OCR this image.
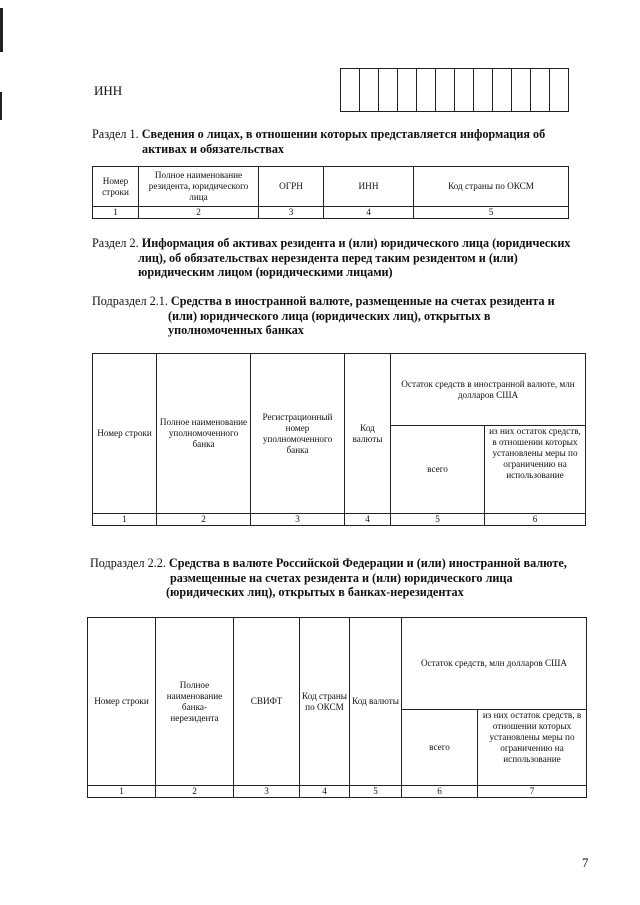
ИНН
Раздел 1. Сведения о лицах, в отношении которых представляется информация об
активах и обязательствах
Номер строки	Полное наименование резидента, юридического лица	ОГРН	ИНН	Код страны по ОКСМ
1	2	3	4	5
Раздел 2. Информация об активах резидента и (или) юридического лица (юридических
лиц), об обязательствах нерезидента перед таким резидентом и (или)
юридическим лицом (юридическими лицами)
Подраздел 2.1. Средства в иностранной валюте, размещенные на счетах резидента и
(или) юридического лица (юридических лиц), открытых в
уполномоченных банках
Номер строки	Полное наименование уполномоченного банка	Регистрационный номер уполномоченного банка	Код валюты	Остаток средств в иностранной валюте, млн долларов США	
				всего	из них остаток средств, в отношении которых установлены меры по ограничению на использование
1	2	3	4	5	6
Подраздел 2.2. Средства в валюте Российской Федерации и (или) иностранной валюте,
размещенные на счетах резидента и (или) юридического лица
(юридических лиц), открытых в банках-нерезидентах
Номер строки	Полное наименование банка-нерезидента	СВИФТ	Код страны по ОКСМ	Код валюты	Остаток средств, млн долларов США	
					всего	из них остаток средств, в отношении которых установлены меры по ограничению на использование
1	2	3	4	5	6	7
7
